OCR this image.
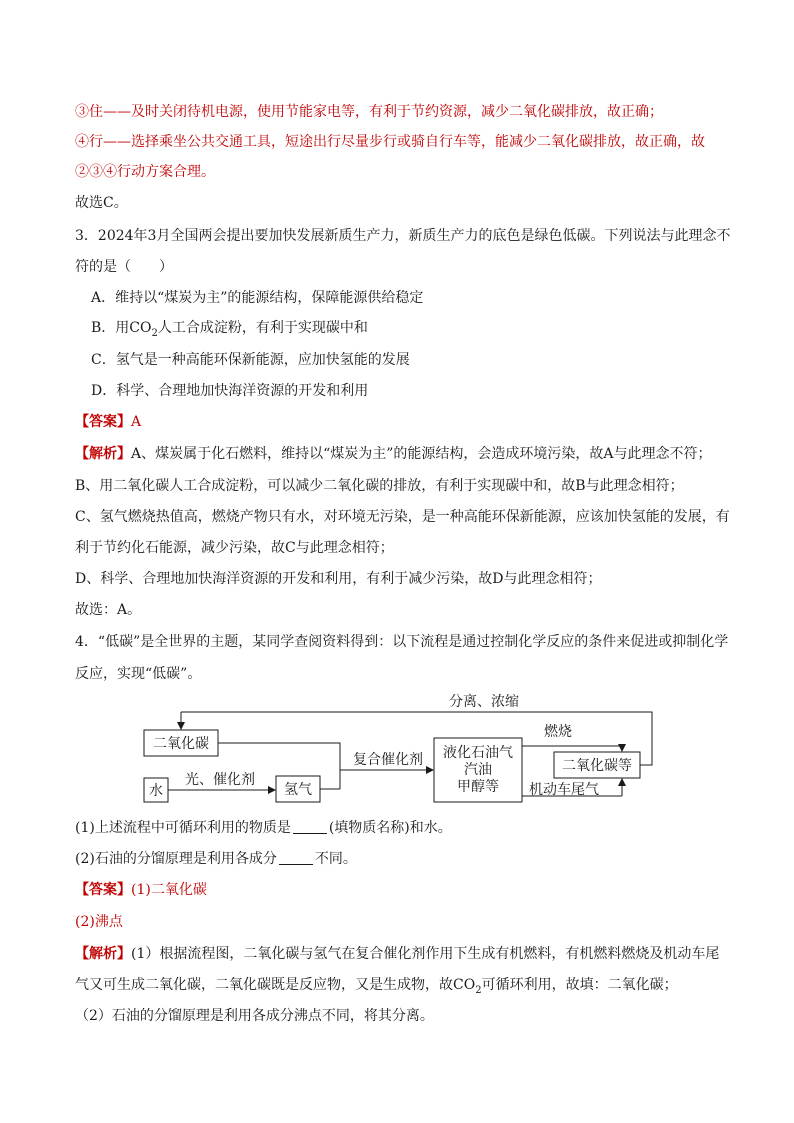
③住——及时关闭待机电源，使用节能家电等，有利于节约资源，减少二氧化碳排放，故正确；
④行——选择乘坐公共交通工具，短途出行尽量步行或骑自行车等，能减少二氧化碳排放，故正确，故
②③④行动方案合理。
故选C。
3．2024年3月全国两会提出要加快发展新质生产力，新质生产力的底色是绿色低碳。下列说法与此理念不
符的是（　　）
A．维持以“煤炭为主”的能源结构，保障能源供给稳定
B．用$CO_2$人工合成淀粉，有利于实现碳中和
C．氢气是一种高能环保新能源，应加快氢能的发展
D．科学、合理地加快海洋资源的开发和利用
【答案】A
【解析】A、煤炭属于化石燃料，维持以“煤炭为主”的能源结构，会造成环境污染，故A与此理念不符；
B、用二氧化碳人工合成淀粉，可以减少二氧化碳的排放，有利于实现碳中和，故B与此理念相符；
C、氢气燃烧热值高，燃烧产物只有水，对环境无污染，是一种高能环保新能源，应该加快氢能的发展，有
利于节约化石能源，减少污染，故C与此理念相符；
D、科学、合理地加快海洋资源的开发和利用，有利于减少污染，故D与此理念相符；
故选：A。
4．“低碳”是全世界的主题，某同学查阅资料得到：以下流程是通过控制化学反应的条件来促进或抑制化学
反应，实现“低碳”。
二氧化碳
水	氢气
液化石油气
汽油
甲醇等
二氧化碳等
光、催化剂
复合催化剂
燃烧
机动车尾气
分离、浓缩
(1)上述流程中可循环利用的物质是	(填物质名称)和水。
(2)石油的分馏原理是利用各成分	不同。
【答案】(1)二氧化碳
(2)沸点
【解析】(1）根据流程图，二氧化碳与氢气在复合催化剂作用下生成有机燃料，有机燃料燃烧及机动车尾
气又可生成二氧化碳，二氧化碳既是反应物，又是生成物，故$CO_2$可循环利用，故填：二氧化碳；
（2）石油的分馏原理是利用各成分沸点不同，将其分离。
